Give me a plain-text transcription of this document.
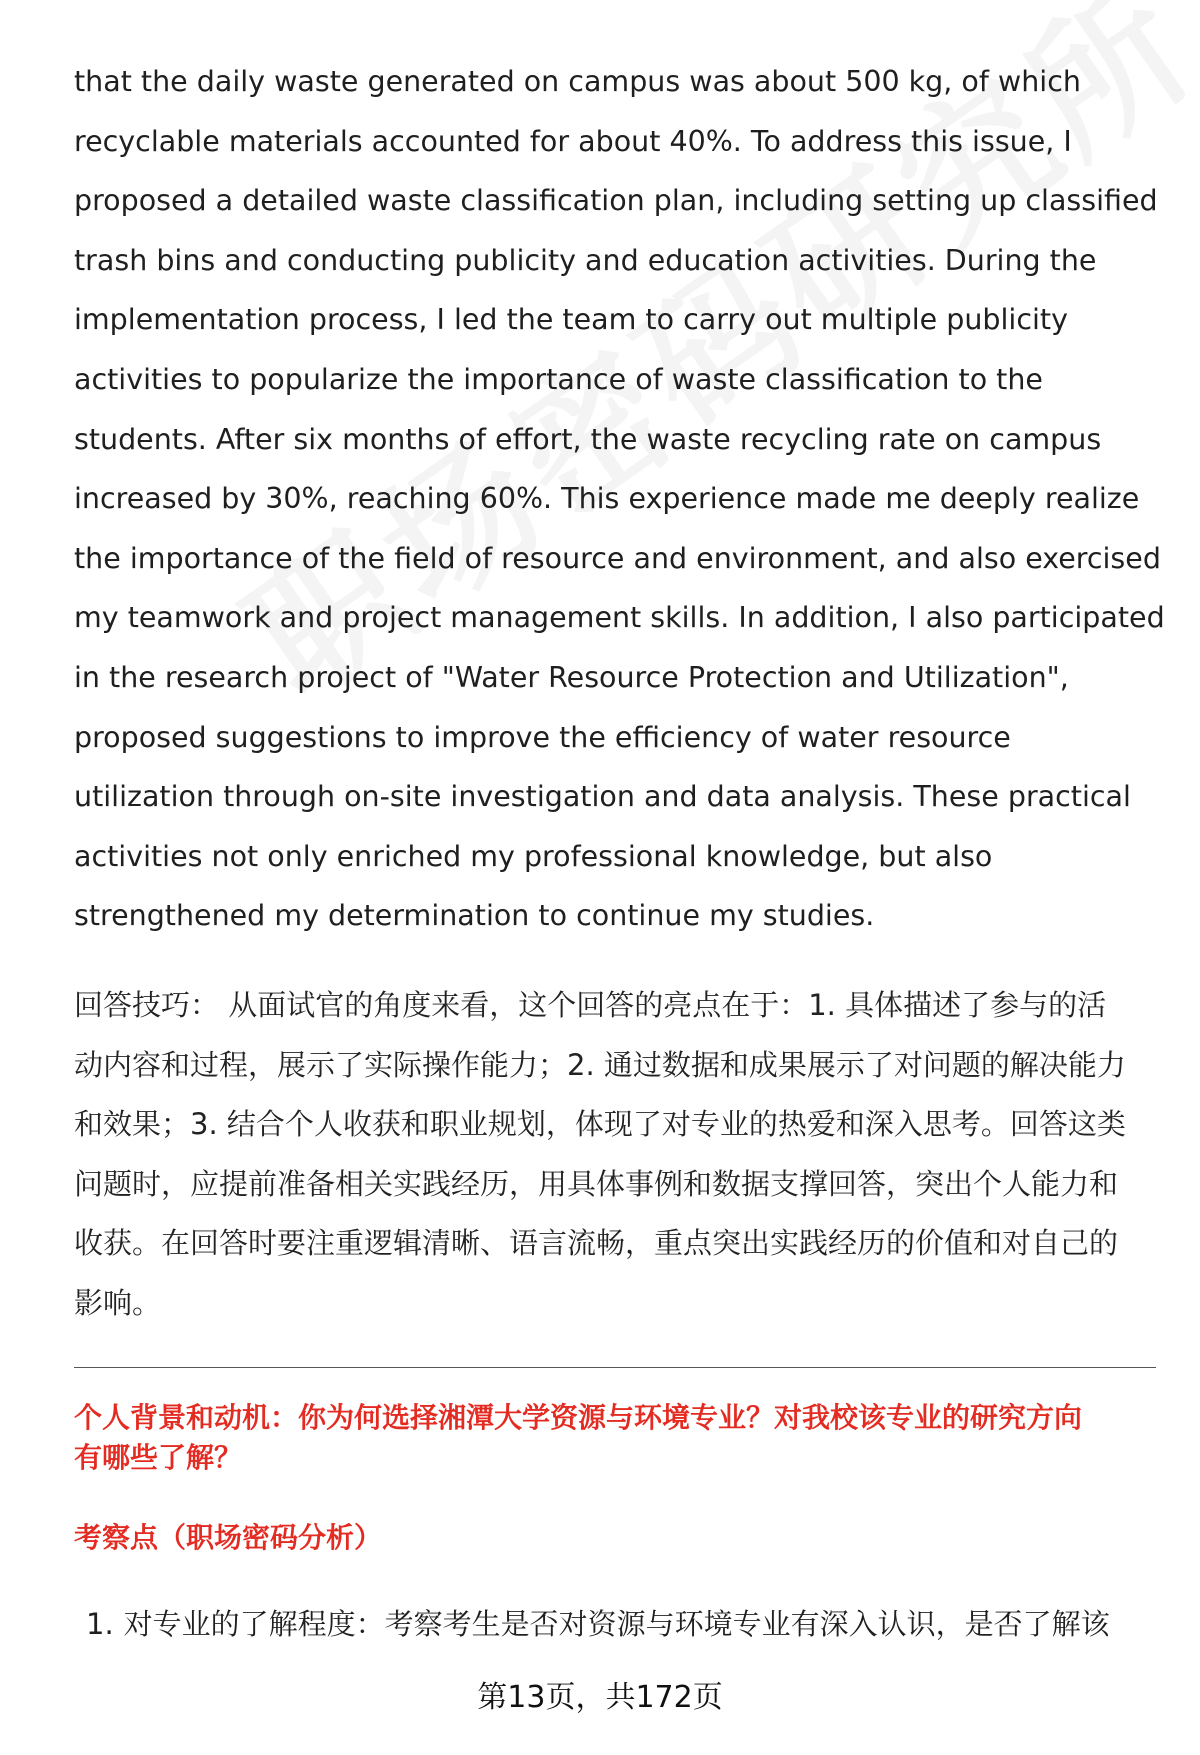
that the daily waste generated on campus was about 500 kg, of which
recyclable materials accounted for about 40%. To address this issue, I
proposed a detailed waste classification plan, including setting up classified
trash bins and conducting publicity and education activities. During the
implementation process, I led the team to carry out multiple publicity
activities to popularize the importance of waste classification to the
students. After six months of effort, the waste recycling rate on campus
increased by 30%, reaching 60%. This experience made me deeply realize
the importance of the field of resource and environment, and also exercised
my teamwork and project management skills. In addition, I also participated
in the research project of "Water Resource Protection and Utilization",
proposed suggestions to improve the efficiency of water resource
utilization through on-site investigation and data analysis. These practical
activities not only enriched my professional knowledge, but also
strengthened my determination to continue my studies.
回答技巧： 从面试官的角度来看，这个回答的亮点在于：1. 具体描述了参与的活
动内容和过程，展示了实际操作能力；2. 通过数据和成果展示了对问题的解决能力
和效果；3. 结合个人收获和职业规划，体现了对专业的热爱和深入思考。回答这类
问题时，应提前准备相关实践经历，用具体事例和数据支撑回答，突出个人能力和
收获。在回答时要注重逻辑清晰、语言流畅，重点突出实践经历的价值和对自己的
影响。
个人背景和动机：你为何选择湘潭大学资源与环境专业？对我校该专业的研究方向
有哪些了解？
考察点（职场密码分析）
1. 对专业的了解程度：考察考生是否对资源与环境专业有深入认识，是否了解该
第13页，共172页
